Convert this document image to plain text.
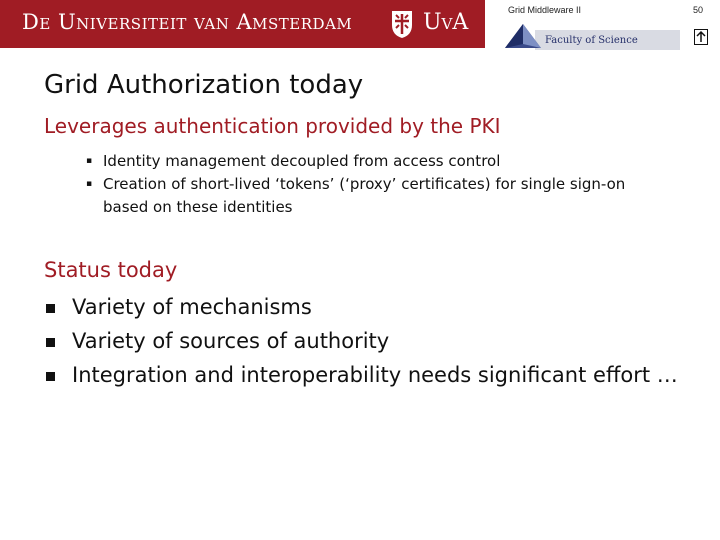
De Universiteit van Amsterdam	UvA	Grid Middleware II	50
Faculty of Science
Grid Authorization today
Leverages authentication provided by the PKI
▪ Identity management decoupled from access control
▪ Creation of short-lived ‘tokens’ (‘proxy’ certificates) for single sign-on based on these identities
Status today
Variety of mechanisms
Variety of sources of authority
Integration and interoperability needs significant effort …
